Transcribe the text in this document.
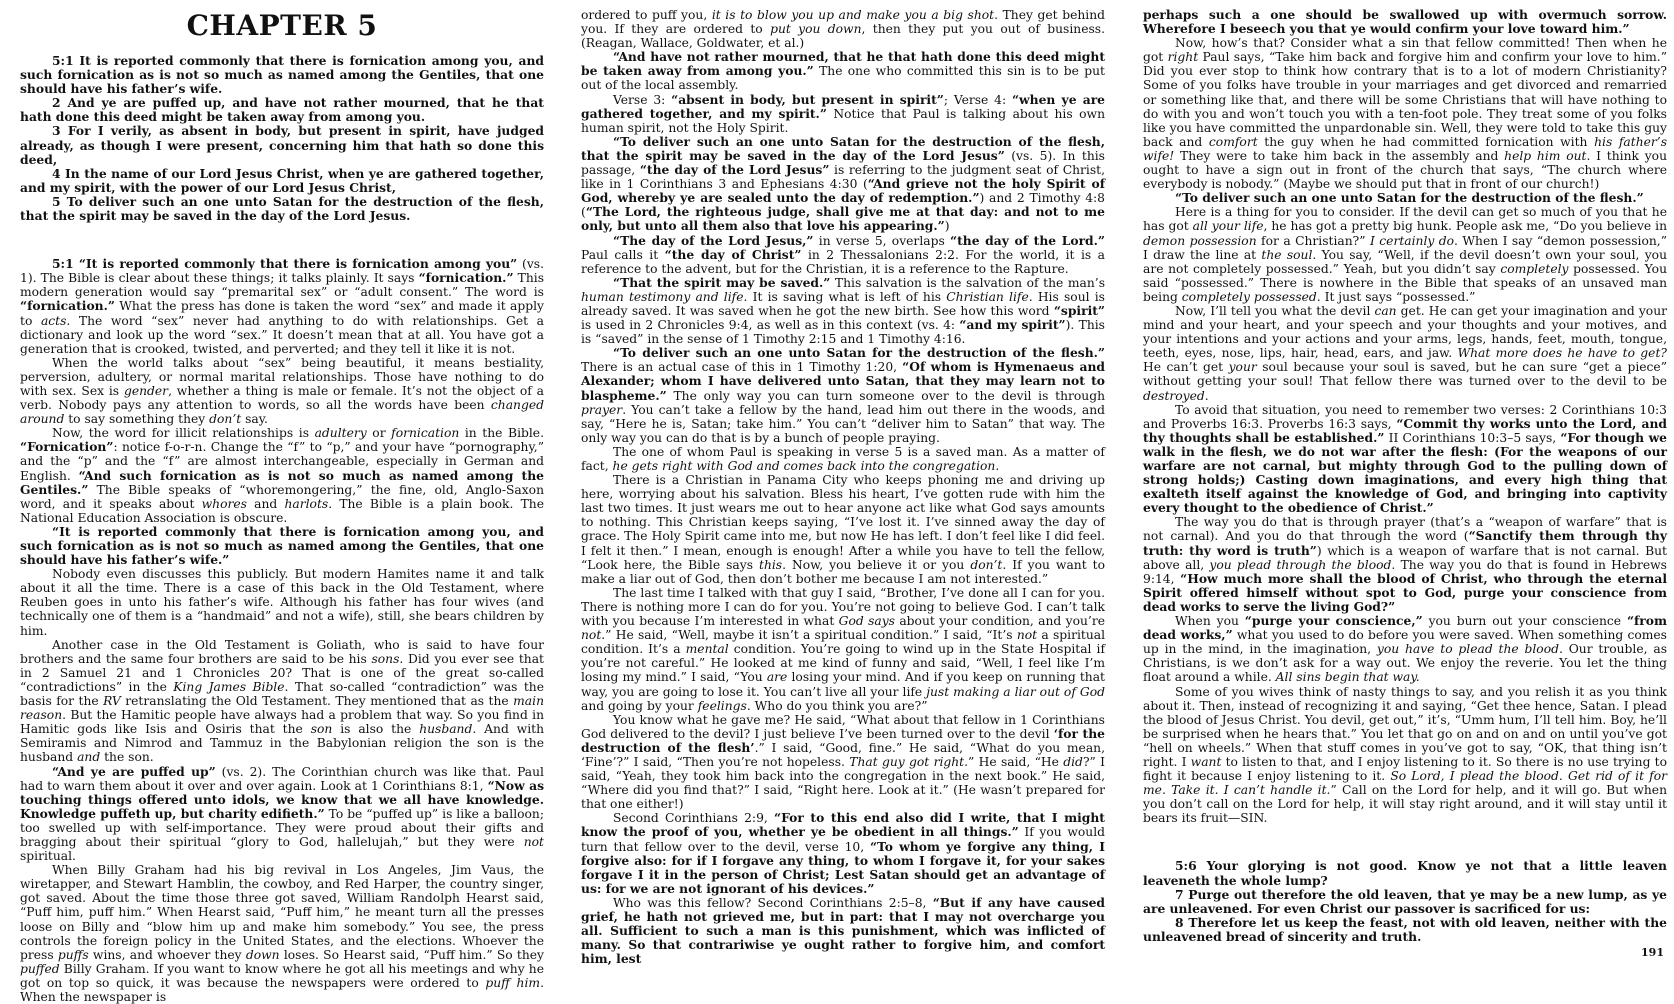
CHAPTER 5

5:1 It is reported commonly that there is fornication among you, and such fornication as is not so much as named among the Gentiles, that one should have his father’s wife.

2 And ye are puffed up, and have not rather mourned, that he that hath done this deed might be taken away from among you.

3 For I verily, as absent in body, but present in spirit, have judged already, as though I were present, concerning him that hath so done this deed,

4 In the name of our Lord Jesus Christ, when ye are gathered together, and my spirit, with the power of our Lord Jesus Christ,

5 To deliver such an one unto Satan for the destruction of the flesh, that the spirit may be saved in the day of the Lord Jesus.

5:1 “It is reported commonly that there is fornication among you” (vs. 1). The Bible is clear about these things; it talks plainly. It says “fornication.” This modern generation would say “premarital sex” or “adult consent.” The word is “fornication.” What the press has done is taken the word “sex” and made it apply to acts. The word “sex” never had anything to do with relationships. Get a dictionary and look up the word “sex.” It doesn’t mean that at all. You have got a generation that is crooked, twisted, and perverted; and they tell it like it is not.

When the world talks about “sex” being beautiful, it means bestiality, perversion, adultery, or normal marital relationships. Those have nothing to do with sex. Sex is gender, whether a thing is male or female. It’s not the object of a verb. Nobody pays any attention to words, so all the words have been changed around to say something they don’t say.

Now, the word for illicit relationships is adultery or fornication in the Bible. “Fornication”: notice f-o-r-n. Change the “f” to “p,” and your have “pornography,” and the “p” and the “f” are almost interchangeable, especially in German and English. “And such fornication as is not so much as named among the Gentiles.” The Bible speaks of “whoremongering,” the fine, old, Anglo-Saxon word, and it speaks about whores and harlots. The Bible is a plain book. The National Education Association is obscure.

“It is reported commonly that there is fornication among you, and such fornication as is not so much as named among the Gentiles, that one should have his father’s wife.”

Nobody even discusses this publicly. But modern Hamites name it and talk about it all the time. There is a case of this back in the Old Testament, where Reuben goes in unto his father’s wife. Although his father has four wives (and technically one of them is a “handmaid” and not a wife), still, she bears children by him.

Another case in the Old Testament is Goliath, who is said to have four brothers and the same four brothers are said to be his sons. Did you ever see that in 2 Samuel 21 and 1 Chronicles 20? That is one of the great so-called “contradictions” in the King James Bible. That so-called “contradiction” was the basis for the RV retranslating the Old Testament. They mentioned that as the main reason. But the Hamitic people have always had a problem that way. So you find in Hamitic gods like Isis and Osiris that the son is also the husband. And with Semiramis and Nimrod and Tammuz in the Babylonian religion the son is the husband and the son.

“And ye are puffed up” (vs. 2). The Corinthian church was like that. Paul had to warn them about it over and over again. Look at 1 Corinthians 8:1, “Now as touching things offered unto idols, we know that we all have knowledge. Knowledge puffeth up, but charity edifieth.” To be “puffed up” is like a balloon; too swelled up with self-importance. They were proud about their gifts and bragging about their spiritual “glory to God, hallelujah,” but they were not spiritual.

When Billy Graham had his big revival in Los Angeles, Jim Vaus, the wiretapper, and Stewart Hamblin, the cowboy, and Red Harper, the country singer, got saved. About the time those three got saved, William Randolph Hearst said, “Puff him, puff him.” When Hearst said, “Puff him,” he meant turn all the presses loose on Billy and “blow him up and make him somebody.” You see, the press controls the foreign policy in the United States, and the elections. Whoever the press puffs wins, and whoever they down loses. So Hearst said, “Puff him.” So they puffed Billy Graham. If you want to know where he got all his meetings and why he got on top so quick, it was because the newspapers were ordered to puff him. When the newspaper is

ordered to puff you, it is to blow you up and make you a big shot. They get behind you. If they are ordered to put you down, then they put you out of business. (Reagan, Wallace, Goldwater, et al.)

“And have not rather mourned, that he that hath done this deed might be taken away from among you.” The one who committed this sin is to be put out of the local assembly.

Verse 3: “absent in body, but present in spirit”; Verse 4: “when ye are gathered together, and my spirit.” Notice that Paul is talking about his own human spirit, not the Holy Spirit.

“To deliver such an one unto Satan for the destruction of the flesh, that the spirit may be saved in the day of the Lord Jesus” (vs. 5). In this passage, “the day of the Lord Jesus” is referring to the judgment seat of Christ, like in 1 Corinthians 3 and Ephesians 4:30 (“And grieve not the holy Spirit of God, whereby ye are sealed unto the day of redemption.”) and 2 Timothy 4:8 (“The Lord, the righteous judge, shall give me at that day: and not to me only, but unto all them also that love his appearing.”)

“The day of the Lord Jesus,” in verse 5, overlaps “the day of the Lord.” Paul calls it “the day of Christ” in 2 Thessalonians 2:2. For the world, it is a reference to the advent, but for the Christian, it is a reference to the Rapture.

“That the spirit may be saved.” This salvation is the salvation of the man’s human testimony and life. It is saving what is left of his Christian life. His soul is already saved. It was saved when he got the new birth. See how this word “spirit” is used in 2 Chronicles 9:4, as well as in this context (vs. 4: “and my spirit”). This is “saved” in the sense of 1 Timothy 2:15 and 1 Timothy 4:16.

“To deliver such an one unto Satan for the destruction of the flesh.” There is an actual case of this in 1 Timothy 1:20, “Of whom is Hymenaeus and Alexander; whom I have delivered unto Satan, that they may learn not to blaspheme.” The only way you can turn someone over to the devil is through prayer. You can’t take a fellow by the hand, lead him out there in the woods, and say, “Here he is, Satan; take him.” You can’t “deliver him to Satan” that way. The only way you can do that is by a bunch of people praying.

The one of whom Paul is speaking in verse 5 is a saved man. As a matter of fact, he gets right with God and comes back into the congregation.

There is a Christian in Panama City who keeps phoning me and driving up here, worrying about his salvation. Bless his heart, I’ve gotten rude with him the last two times. It just wears me out to hear anyone act like what God says amounts to nothing. This Christian keeps saying, “I’ve lost it. I’ve sinned away the day of grace. The Holy Spirit came into me, but now He has left. I don’t feel like I did feel. I felt it then.” I mean, enough is enough! After a while you have to tell the fellow, “Look here, the Bible says this. Now, you believe it or you don’t. If you want to make a liar out of God, then don’t bother me because I am not interested.”

The last time I talked with that guy I said, “Brother, I’ve done all I can for you. There is nothing more I can do for you. You’re not going to believe God. I can’t talk with you because I’m interested in what God says about your condition, and you’re not.” He said, “Well, maybe it isn’t a spiritual condition.” I said, “It’s not a spiritual condition. It’s a mental condition. You’re going to wind up in the State Hospital if you’re not careful.” He looked at me kind of funny and said, “Well, I feel like I’m losing my mind.” I said, “You are losing your mind. And if you keep on running that way, you are going to lose it. You can’t live all your life just making a liar out of God and going by your feelings. Who do you think you are?”

You know what he gave me? He said, “What about that fellow in 1 Corinthians God delivered to the devil? I just believe I’ve been turned over to the devil ‘for the destruction of the flesh’.” I said, “Good, fine.” He said, “What do you mean, ‘Fine’?” I said, “Then you’re not hopeless. That guy got right.” He said, “He did?” I said, “Yeah, they took him back into the congregation in the next book.” He said, “Where did you find that?” I said, “Right here. Look at it.” (He wasn’t prepared for that one either!)

Second Corinthians 2:9, “For to this end also did I write, that I might know the proof of you, whether ye be obedient in all things.” If you would turn that fellow over to the devil, verse 10, “To whom ye forgive any thing, I forgive also: for if I forgave any thing, to whom I forgave it, for your sakes forgave I it in the person of Christ; Lest Satan should get an advantage of us: for we are not ignorant of his devices.”

Who was this fellow? Second Corinthians 2:5–8, “But if any have caused grief, he hath not grieved me, but in part: that I may not overcharge you all. Sufficient to such a man is this punishment, which was inflicted of many. So that contrariwise ye ought rather to forgive him, and comfort him, lest

perhaps such a one should be swallowed up with overmuch sorrow. Wherefore I beseech you that ye would confirm your love toward him.”

Now, how’s that? Consider what a sin that fellow committed! Then when he got right Paul says, “Take him back and forgive him and confirm your love to him.” Did you ever stop to think how contrary that is to a lot of modern Christianity? Some of you folks have trouble in your marriages and get divorced and remarried or something like that, and there will be some Christians that will have nothing to do with you and won’t touch you with a ten-foot pole. They treat some of you folks like you have committed the unpardonable sin. Well, they were told to take this guy back and comfort the guy when he had committed fornication with his father’s wife! They were to take him back in the assembly and help him out. I think you ought to have a sign out in front of the church that says, “The church where everybody is nobody.” (Maybe we should put that in front of our church!)

“To deliver such an one unto Satan for the destruction of the flesh.”

Here is a thing for you to consider. If the devil can get so much of you that he has got all your life, he has got a pretty big hunk. People ask me, “Do you believe in demon possession for a Christian?” I certainly do. When I say “demon possession,” I draw the line at the soul. You say, “Well, if the devil doesn’t own your soul, you are not completely possessed.” Yeah, but you didn’t say completely possessed. You said “possessed.” There is nowhere in the Bible that speaks of an unsaved man being completely possessed. It just says “possessed.”

Now, I’ll tell you what the devil can get. He can get your imagination and your mind and your heart, and your speech and your thoughts and your motives, and your intentions and your actions and your arms, legs, hands, feet, mouth, tongue, teeth, eyes, nose, lips, hair, head, ears, and jaw. What more does he have to get? He can’t get your soul because your soul is saved, but he can sure “get a piece” without getting your soul! That fellow there was turned over to the devil to be destroyed.

To avoid that situation, you need to remember two verses: 2 Corinthians 10:3 and Proverbs 16:3. Proverbs 16:3 says, “Commit thy works unto the Lord, and thy thoughts shall be established.” II Corinthians 10:3–5 says, “For though we walk in the flesh, we do not war after the flesh: (For the weapons of our warfare are not carnal, but mighty through God to the pulling down of strong holds;) Casting down imaginations, and every high thing that exalteth itself against the knowledge of God, and bringing into captivity every thought to the obedience of Christ.”

The way you do that is through prayer (that’s a “weapon of warfare” that is not carnal). And you do that through the word (“Sanctify them through thy truth: thy word is truth”) which is a weapon of warfare that is not carnal. But above all, you plead through the blood. The way you do that is found in Hebrews 9:14, “How much more shall the blood of Christ, who through the eternal Spirit offered himself without spot to God, purge your conscience from dead works to serve the living God?”

When you “purge your conscience,” you burn out your conscience “from dead works,” what you used to do before you were saved. When something comes up in the mind, in the imagination, you have to plead the blood. Our trouble, as Christians, is we don’t ask for a way out. We enjoy the reverie. You let the thing float around a while. All sins begin that way.

Some of you wives think of nasty things to say, and you relish it as you think about it. Then, instead of recognizing it and saying, “Get thee hence, Satan. I plead the blood of Jesus Christ. You devil, get out,” it’s, “Umm hum, I’ll tell him. Boy, he’ll be surprised when he hears that.” You let that go on and on and on until you’ve got “hell on wheels.” When that stuff comes in you’ve got to say, “OK, that thing isn’t right. I want to listen to that, and I enjoy listening to it. So there is no use trying to fight it because I enjoy listening to it. So Lord, I plead the blood. Get rid of it for me. Take it. I can’t handle it.” Call on the Lord for help, and it will go. But when you don’t call on the Lord for help, it will stay right around, and it will stay until it bears its fruit—SIN.

5:6 Your glorying is not good. Know ye not that a little leaven leaveneth the whole lump?

7 Purge out therefore the old leaven, that ye may be a new lump, as ye are unleavened. For even Christ our passover is sacrificed for us:

8 Therefore let us keep the feast, not with old leaven, neither with the unleavened bread of sincerity and truth.

191
